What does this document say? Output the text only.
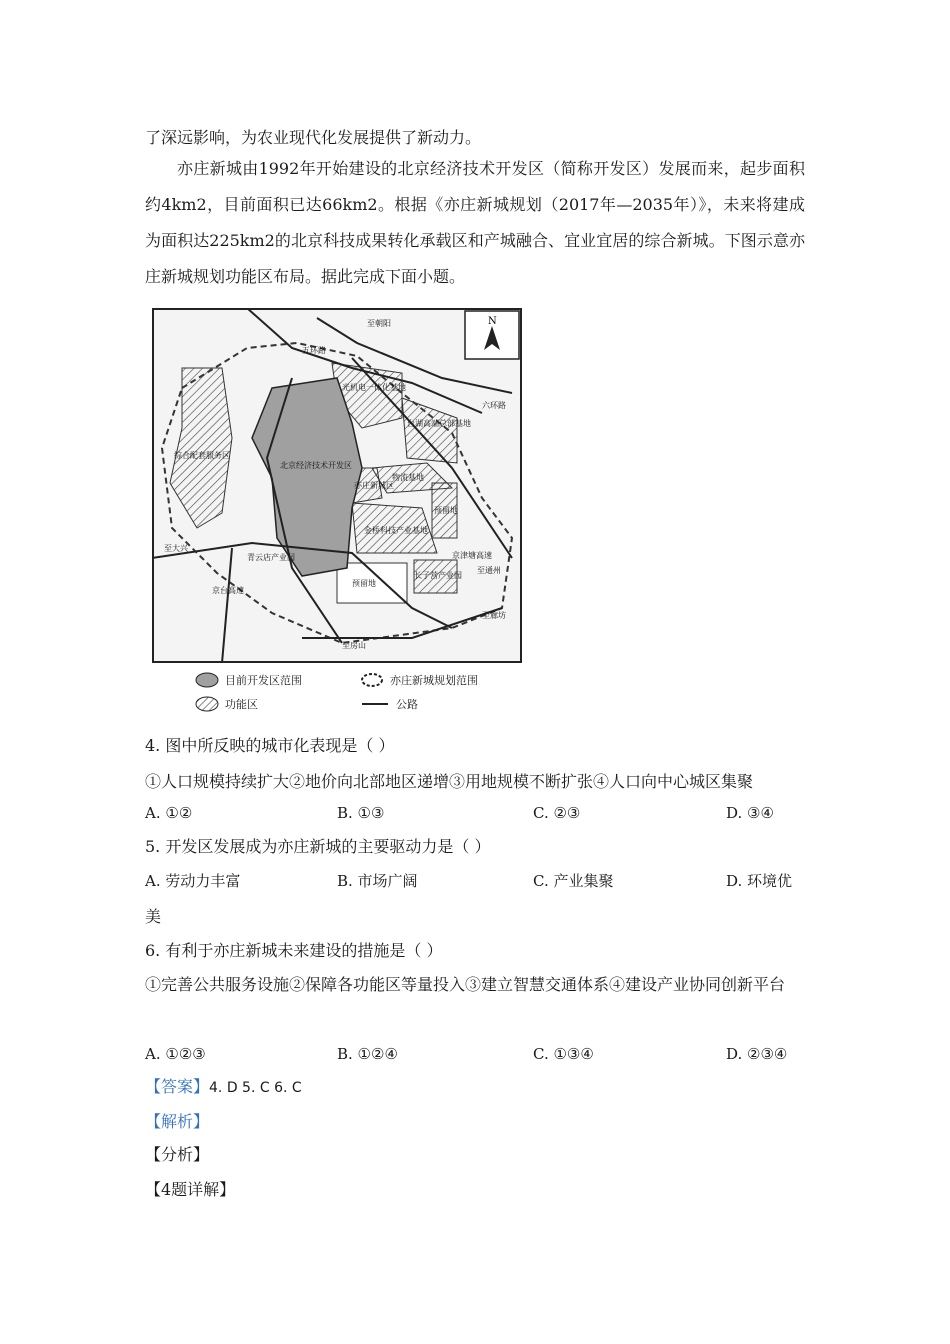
了深远影响，为农业现代化发展提供了新动力。

亦庄新城由1992年开始建设的北京经济技术开发区（简称开发区）发展而来，起步面积约4km2，目前面积已达66km2。根据《亦庄新城规划（2017年—2035年）》，未来将建成为面积达225km2的北京科技成果转化承载区和产城融合、宜业宜居的综合新城。下图示意亦庄新城规划功能区布局。据此完成下面小题。

N
至朝阳
五环路
六环路
至大兴
京台高速
至房山
京津塘高速
至通州
至廊坊
光机电一体化基地
台湖高端总部基地
综合配套服务区
北京经济技术开发区
亦庄新城区
物流基地
预留地
金桥科技产业基地
青云店产业园
预留地
长子营产业园
目前开发区范围	亦庄新城规划范围
功能区	公路
4. 图中所反映的城市化表现是（ ）
①人口规模持续扩大②地价向北部地区递增③用地规模不断扩张④人口向中心城区集聚
A. ①②	B. ①③	C. ②③	D. ③④
5. 开发区发展成为亦庄新城的主要驱动力是（ ）
A. 劳动力丰富	B. 市场广阔	C. 产业集聚	D. 环境优
美
6. 有利于亦庄新城未来建设的措施是（ ）

①完善公共服务设施②保障各功能区等量投入③建立智慧交通体系④建设产业协同创新平台

A. ①②③	B. ①②④	C. ①③④	D. ②③④
【答案】4. D 5. C 6. C
【解析】
【分析】
【4题详解】
